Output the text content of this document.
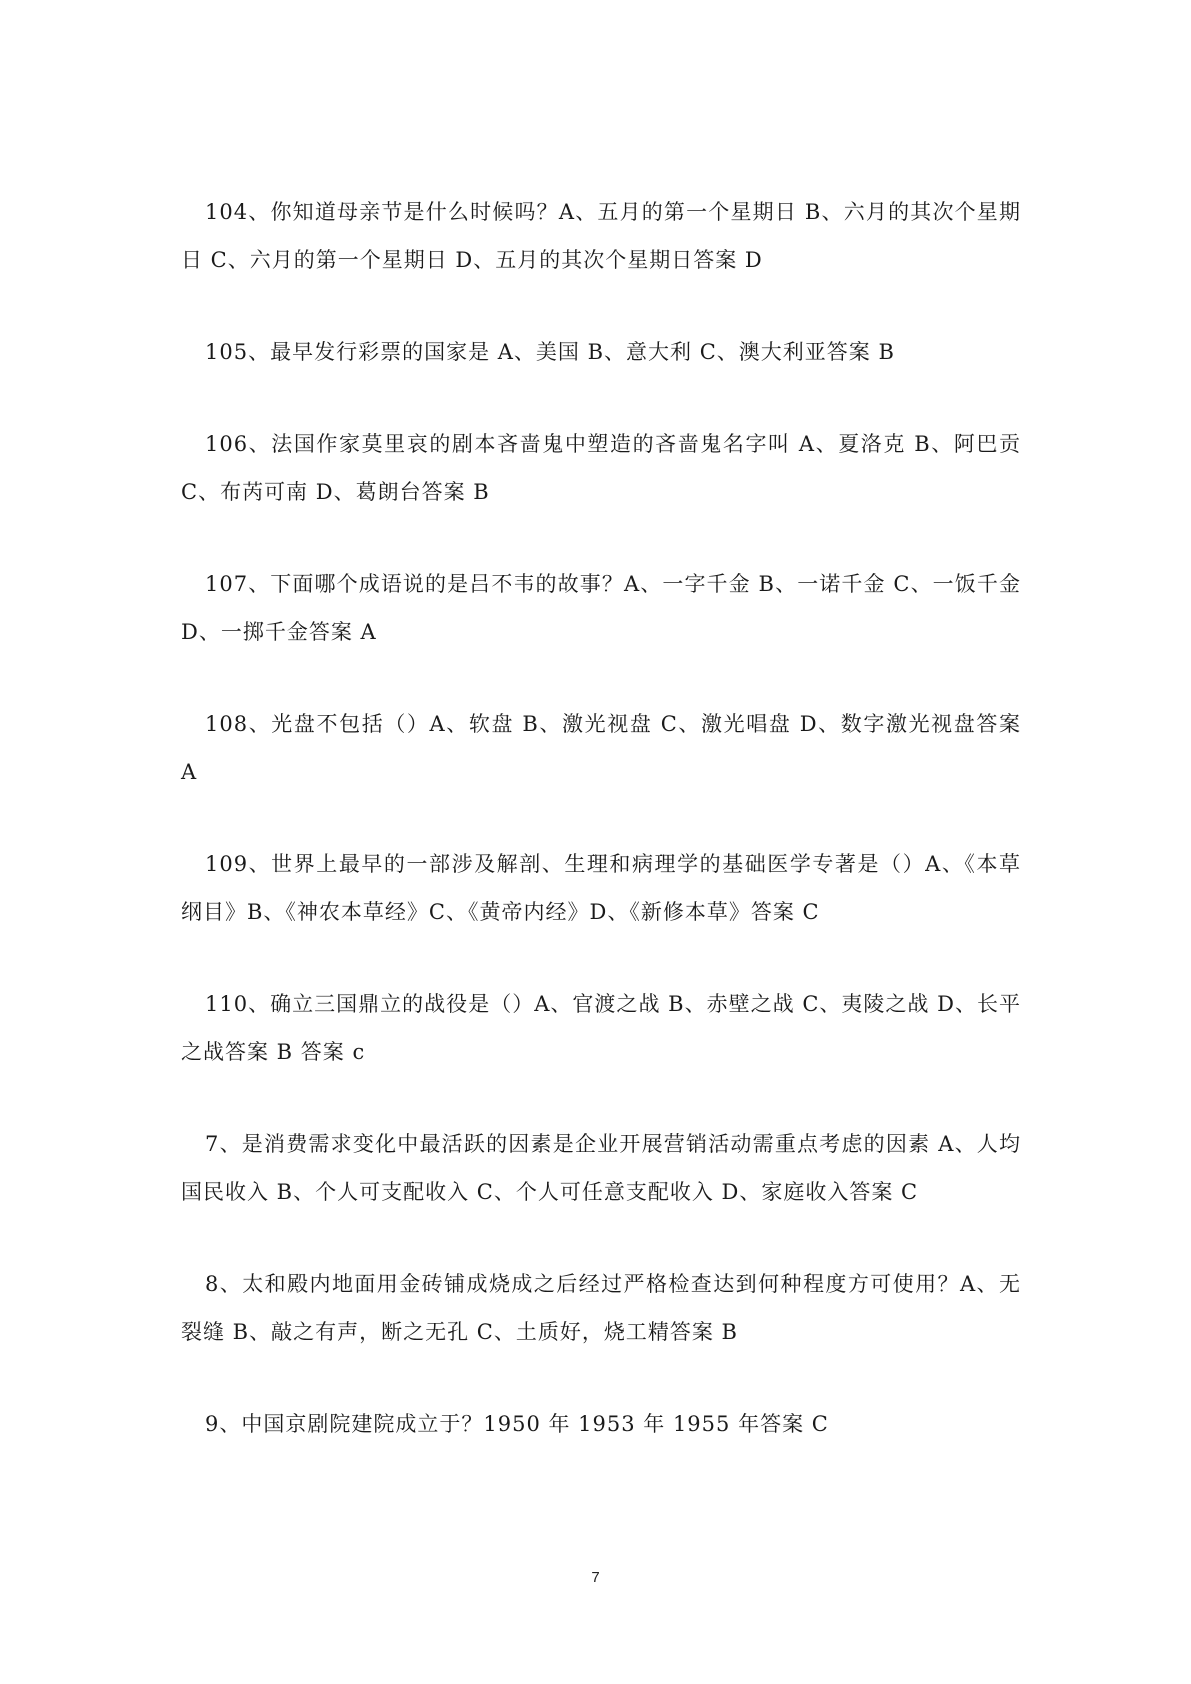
104、你知道母亲节是什么时候吗？A、五月的第一个星期日 B、六月的其次个星期日 C、六月的第一个星期日 D、五月的其次个星期日答案 D

105、最早发行彩票的国家是 A、美国 B、意大利 C、澳大利亚答案 B

106、法国作家莫里哀的剧本吝啬鬼中塑造的吝啬鬼名字叫 A、夏洛克 B、阿巴贡 C、布芮可南 D、葛朗台答案 B

107、下面哪个成语说的是吕不韦的故事？A、一字千金 B、一诺千金 C、一饭千金 D、一掷千金答案 A

108、光盘不包括（）A、软盘 B、激光视盘 C、激光唱盘 D、数字激光视盘答案 A

109、世界上最早的一部涉及解剖、生理和病理学的基础医学专著是（）A、《本草纲目》B、《神农本草经》C、《黄帝内经》D、《新修本草》答案 C

110、确立三国鼎立的战役是（）A、官渡之战 B、赤壁之战 C、夷陵之战 D、长平之战答案 B 答案 c

7、是消费需求变化中最活跃的因素是企业开展营销活动需重点考虑的因素 A、人均国民收入 B、个人可支配收入 C、个人可任意支配收入 D、家庭收入答案 C

8、太和殿内地面用金砖铺成烧成之后经过严格检查达到何种程度方可使用？A、无裂缝 B、敲之有声，断之无孔 C、土质好，烧工精答案 B

9、中国京剧院建院成立于？1950 年 1953 年 1955 年答案 C

7
